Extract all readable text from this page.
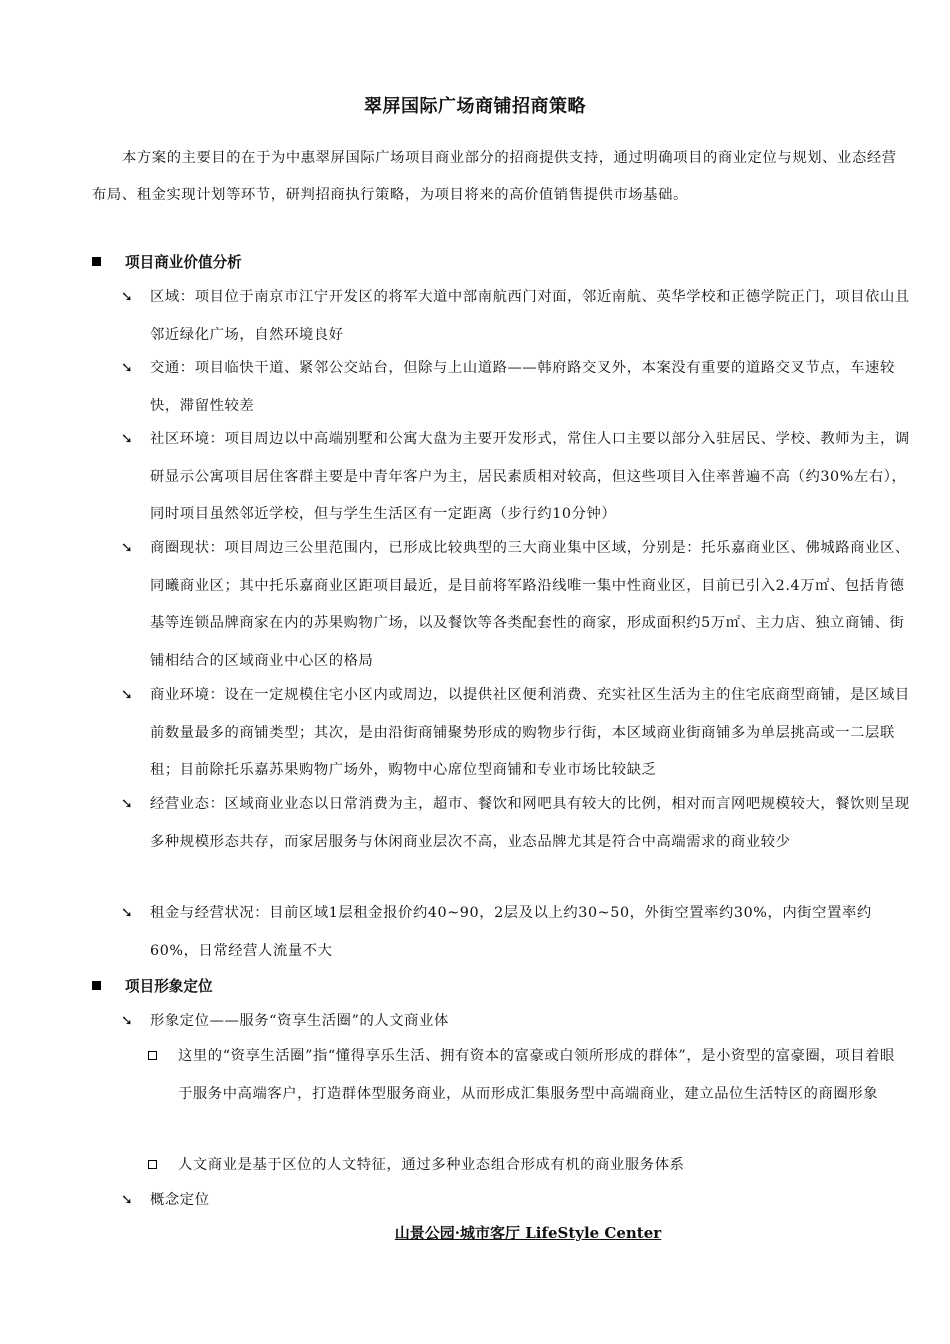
翠屏国际广场商铺招商策略
本方案的主要目的在于为中惠翠屏国际广场项目商业部分的招商提供支持，通过明确项目的商业定位与规划、业态经营布局、租金实现计划等环节，研判招商执行策略，为项目将来的高价值销售提供市场基础。
项目商业价值分析
➘	区域：项目位于南京市江宁开发区的将军大道中部南航西门对面，邻近南航、英华学校和正德学院正门，项目依山且邻近绿化广场，自然环境良好
➘	交通：项目临快干道、紧邻公交站台，但除与上山道路——韩府路交叉外，本案没有重要的道路交叉节点，车速较快，滞留性较差
➘	社区环境：项目周边以中高端别墅和公寓大盘为主要开发形式，常住人口主要以部分入驻居民、学校、教师为主，调研显示公寓项目居住客群主要是中青年客户为主，居民素质相对较高，但这些项目入住率普遍不高（约30%左右），同时项目虽然邻近学校，但与学生生活区有一定距离（步行约10分钟）
➘	商圈现状：项目周边三公里范围内，已形成比较典型的三大商业集中区域，分别是：托乐嘉商业区、佛城路商业区、同曦商业区；其中托乐嘉商业区距项目最近，是目前将军路沿线唯一集中性商业区，目前已引入2.4万㎡、包括肯德基等连锁品牌商家在内的苏果购物广场，以及餐饮等各类配套性的商家，形成面积约5万㎡、主力店、独立商铺、街铺相结合的区域商业中心区的格局
➘	商业环境：设在一定规模住宅小区内或周边，以提供社区便利消费、充实社区生活为主的住宅底商型商铺，是区域目前数量最多的商铺类型；其次，是由沿街商铺聚势形成的购物步行街，本区域商业街商铺多为单层挑高或一二层联租；目前除托乐嘉苏果购物广场外，购物中心席位型商铺和专业市场比较缺乏
➘	经营业态：区域商业业态以日常消费为主，超市、餐饮和网吧具有较大的比例，相对而言网吧规模较大，餐饮则呈现多种规模形态共存，而家居服务与休闲商业层次不高，业态品牌尤其是符合中高端需求的商业较少
➘	租金与经营状况：目前区域1层租金报价约40~90，2层及以上约30~50，外街空置率约30%，内街空置率约60%，日常经营人流量不大
项目形象定位
➘	形象定位——服务“资享生活圈”的人文商业体
这里的“资享生活圈”指“懂得享乐生活、拥有资本的富豪或白领所形成的群体”，是小资型的富豪圈，项目着眼于服务中高端客户，打造群体型服务商业，从而形成汇集服务型中高端商业，建立品位生活特区的商圈形象
人文商业是基于区位的人文特征，通过多种业态组合形成有机的商业服务体系
➘	概念定位
山景公园·城市客厅 LifeStyle Center
